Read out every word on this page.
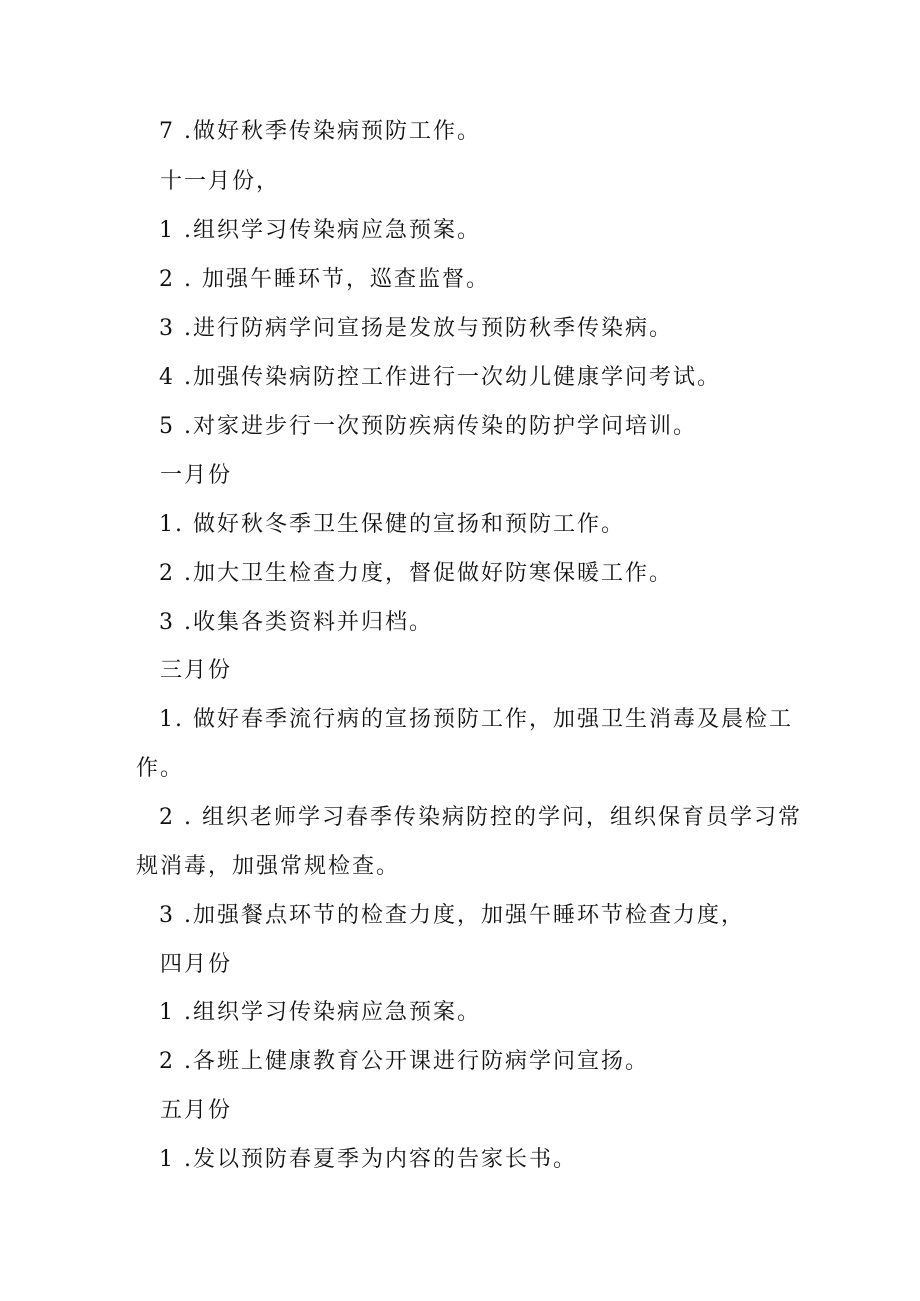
7 .做好秋季传染病预防工作。
十一月份，
1 .组织学习传染病应急预案。
2 . 加强午睡环节，巡查监督。
3 .进行防病学问宣扬是发放与预防秋季传染病。
4 .加强传染病防控工作进行一次幼儿健康学问考试。
5 .对家进步行一次预防疾病传染的防护学问培训。
一月份
1. 做好秋冬季卫生保健的宣扬和预防工作。
2 .加大卫生检查力度，督促做好防寒保暖工作。
3 .收集各类资料并归档。
三月份
1. 做好春季流行病的宣扬预防工作，加强卫生消毒及晨检工
作。
2 . 组织老师学习春季传染病防控的学问，组织保育员学习常
规消毒，加强常规检查。
3 .加强餐点环节的检查力度，加强午睡环节检查力度，
四月份
1 .组织学习传染病应急预案。
2 .各班上健康教育公开课进行防病学问宣扬。
五月份
1 .发以预防春夏季为内容的告家长书。
